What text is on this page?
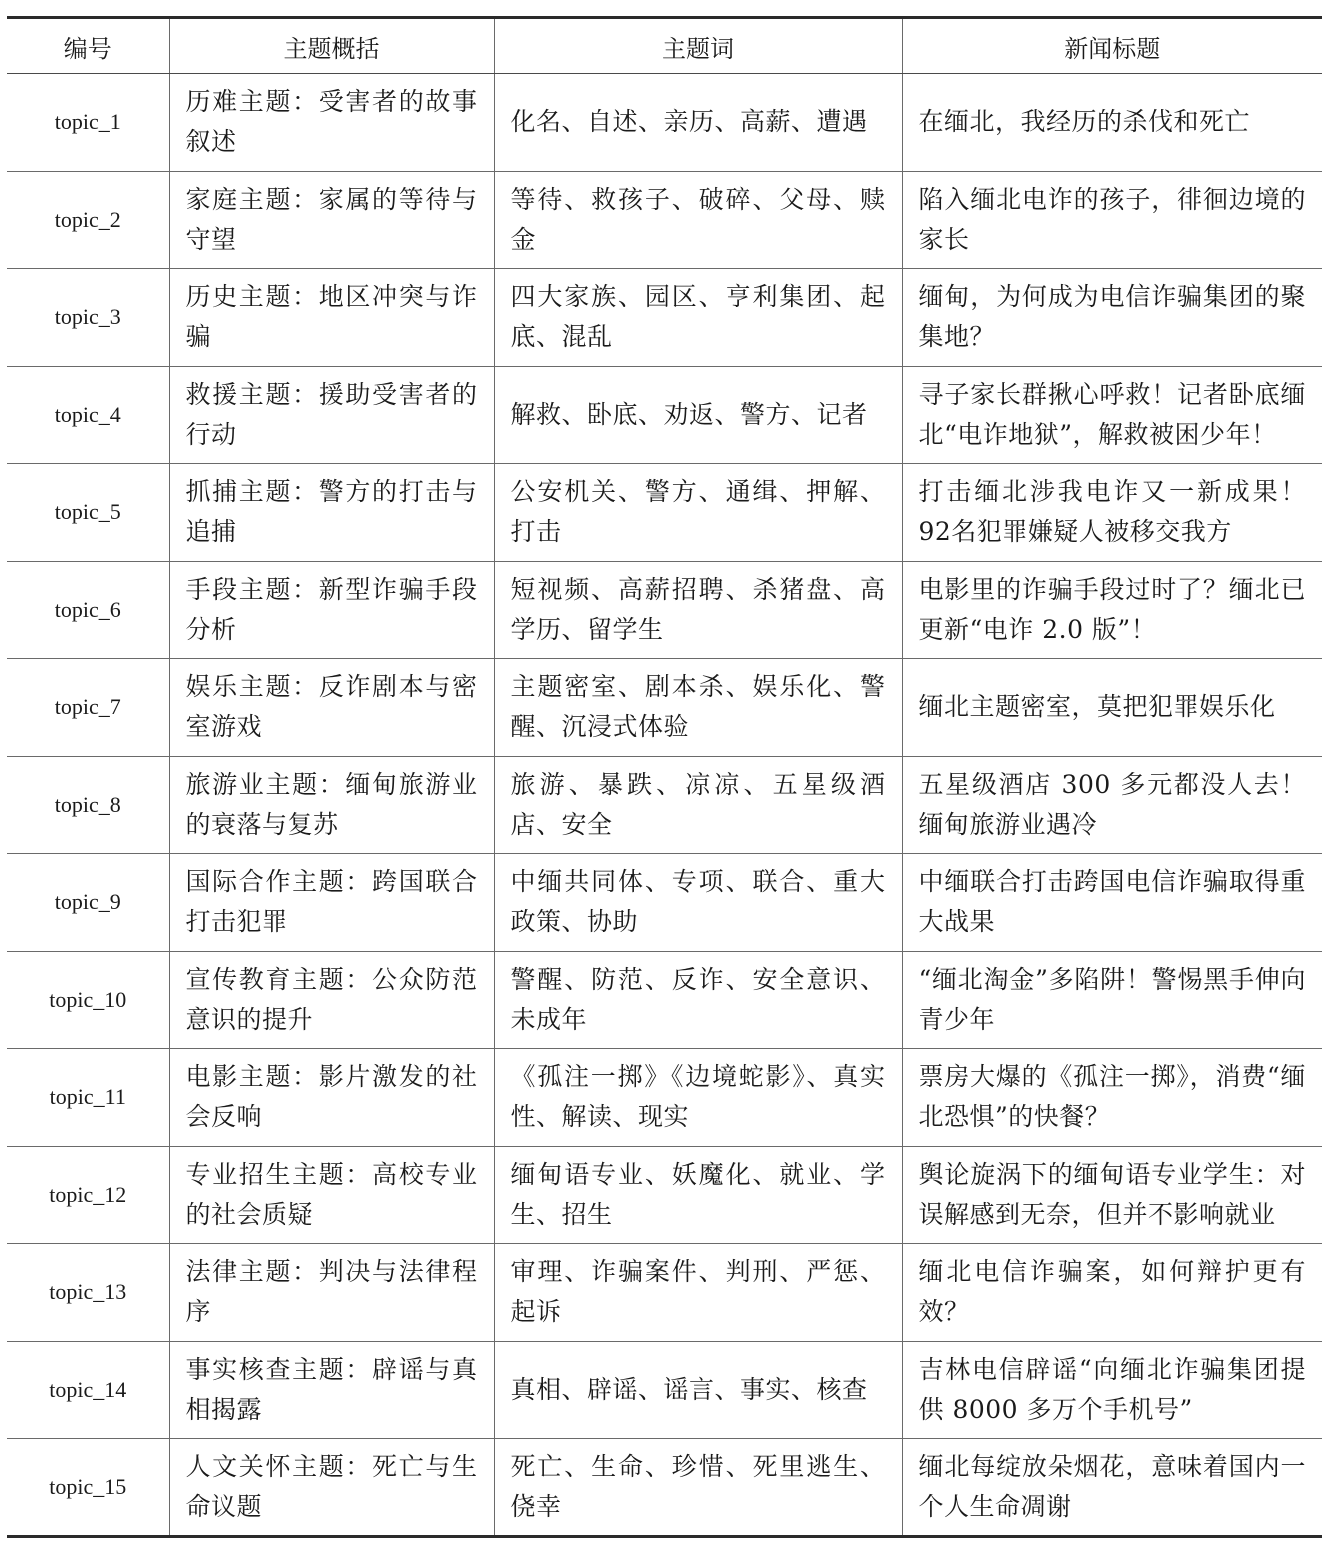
编号	主题概括	主题词	新闻标题
topic_1	历难主题：受害者的故事叙述	化名、自述、亲历、高薪、遭遇	在缅北，我经历的杀伐和死亡
topic_2	家庭主题：家属的等待与守望	等待、救孩子、破碎、父母、赎金	陷入缅北电诈的孩子，徘徊边境的家长
topic_3	历史主题：地区冲突与诈骗	四大家族、园区、亨利集团、起底、混乱	缅甸，为何成为电信诈骗集团的聚集地？
topic_4	救援主题：援助受害者的行动	解救、卧底、劝返、警方、记者	寻子家长群揪心呼救！记者卧底缅北“电诈地狱”，解救被困少年！
topic_5	抓捕主题：警方的打击与追捕	公安机关、警方、通缉、押解、打击	打击缅北涉我电诈又一新成果！92名犯罪嫌疑人被移交我方
topic_6	手段主题：新型诈骗手段分析	短视频、高薪招聘、杀猪盘、高学历、留学生	电影里的诈骗手段过时了？缅北已更新“电诈 2.0 版”！
topic_7	娱乐主题：反诈剧本与密室游戏	主题密室、剧本杀、娱乐化、警醒、沉浸式体验	缅北主题密室，莫把犯罪娱乐化
topic_8	旅游业主题：缅甸旅游业的衰落与复苏	旅游、暴跌、凉凉、五星级酒店、安全	五星级酒店 300 多元都没人去！缅甸旅游业遇冷
topic_9	国际合作主题：跨国联合打击犯罪	中缅共同体、专项、联合、重大政策、协助	中缅联合打击跨国电信诈骗取得重大战果
topic_10	宣传教育主题：公众防范意识的提升	警醒、防范、反诈、安全意识、未成年	“缅北淘金”多陷阱！警惕黑手伸向青少年
topic_11	电影主题：影片激发的社会反响	《孤注一掷》《边境蛇影》、真实性、解读、现实	票房大爆的《孤注一掷》，消费“缅北恐惧”的快餐？
topic_12	专业招生主题：高校专业的社会质疑	缅甸语专业、妖魔化、就业、学生、招生	舆论旋涡下的缅甸语专业学生：对误解感到无奈，但并不影响就业
topic_13	法律主题：判决与法律程序	审理、诈骗案件、判刑、严惩、起诉	缅北电信诈骗案，如何辩护更有效？
topic_14	事实核查主题：辟谣与真相揭露	真相、辟谣、谣言、事实、核查	吉林电信辟谣“向缅北诈骗集团提供 8000 多万个手机号”
topic_15	人文关怀主题：死亡与生命议题	死亡、生命、珍惜、死里逃生、侥幸	缅北每绽放朵烟花，意味着国内一个人生命凋谢
